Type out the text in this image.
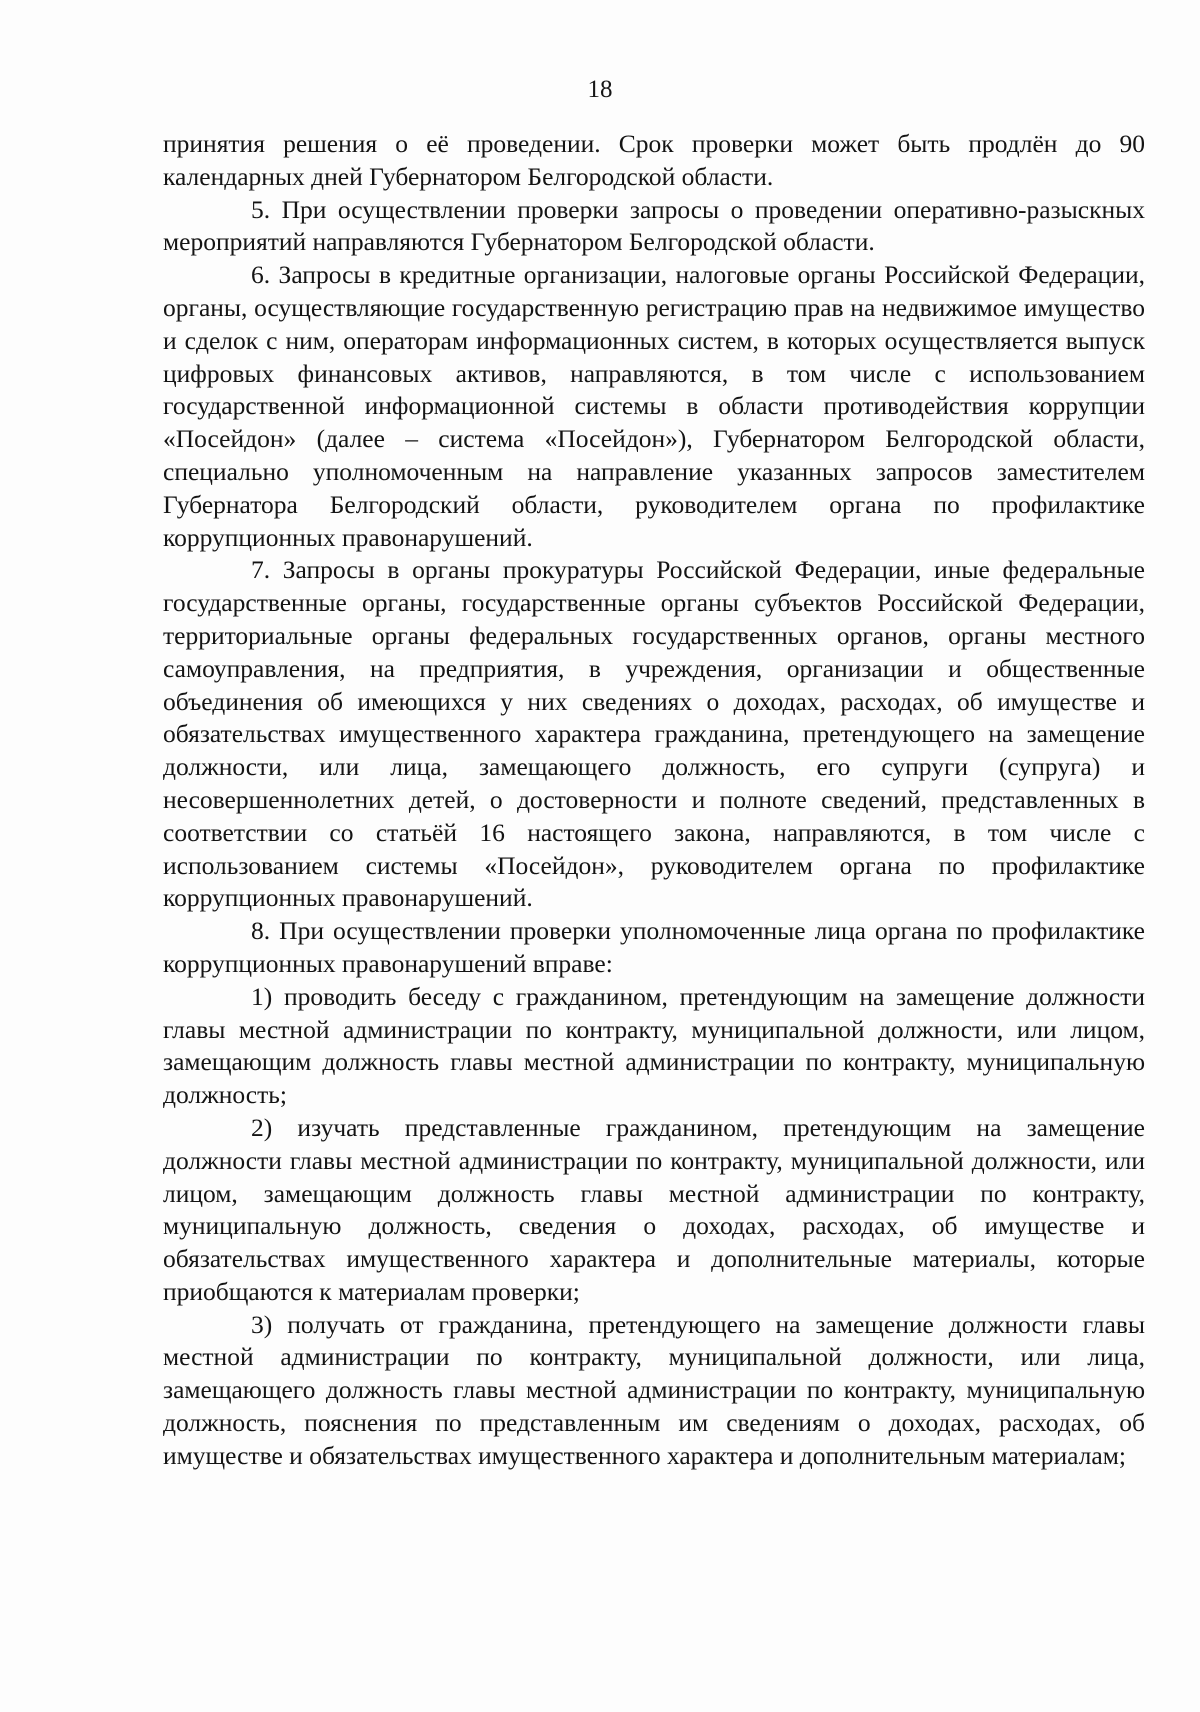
18

принятия решения о её проведении. Срок проверки может быть продлён до 90 календарных дней Губернатором Белгородской области.

5. При осуществлении проверки запросы о проведении оперативно-разыскных мероприятий направляются Губернатором Белгородской области.

6. Запросы в кредитные организации, налоговые органы Российской Федерации, органы, осуществляющие государственную регистрацию прав на недвижимое имущество и сделок с ним, операторам информационных систем, в которых осуществляется выпуск цифровых финансовых активов, направляются, в том числе с использованием государственной информационной системы в области противодействия коррупции «Посейдон» (далее – система «Посейдон»), Губернатором Белгородской области, специально уполномоченным на направление указанных запросов заместителем Губернатора Белгородский области, руководителем органа по профилактике коррупционных правонарушений.

7. Запросы в органы прокуратуры Российской Федерации, иные федеральные государственные органы, государственные органы субъектов Российской Федерации, территориальные органы федеральных государственных органов, органы местного самоуправления, на предприятия, в учреждения, организации и общественные объединения об имеющихся у них сведениях о доходах, расходах, об имуществе и обязательствах имущественного характера гражданина, претендующего на замещение должности, или лица, замещающего должность, его супруги (супруга) и несовершеннолетних детей, о достоверности и полноте сведений, представленных в соответствии со статьёй 16 настоящего закона, направляются, в том числе с использованием системы «Посейдон», руководителем органа по профилактике коррупционных правонарушений.

8. При осуществлении проверки уполномоченные лица органа по профилактике коррупционных правонарушений вправе:

1) проводить беседу с гражданином, претендующим на замещение должности главы местной администрации по контракту, муниципальной должности, или лицом, замещающим должность главы местной администрации по контракту, муниципальную должность;

2) изучать представленные гражданином, претендующим на замещение должности главы местной администрации по контракту, муниципальной должности, или лицом, замещающим должность главы местной администрации по контракту, муниципальную должность, сведения о доходах, расходах, об имуществе и обязательствах имущественного характера и дополнительные материалы, которые приобщаются к материалам проверки;

3) получать от гражданина, претендующего на замещение должности главы местной администрации по контракту, муниципальной должности, или лица, замещающего должность главы местной администрации по контракту, муниципальную должность, пояснения по представленным им сведениям о доходах, расходах, об имуществе и обязательствах имущественного характера и дополнительным материалам;
